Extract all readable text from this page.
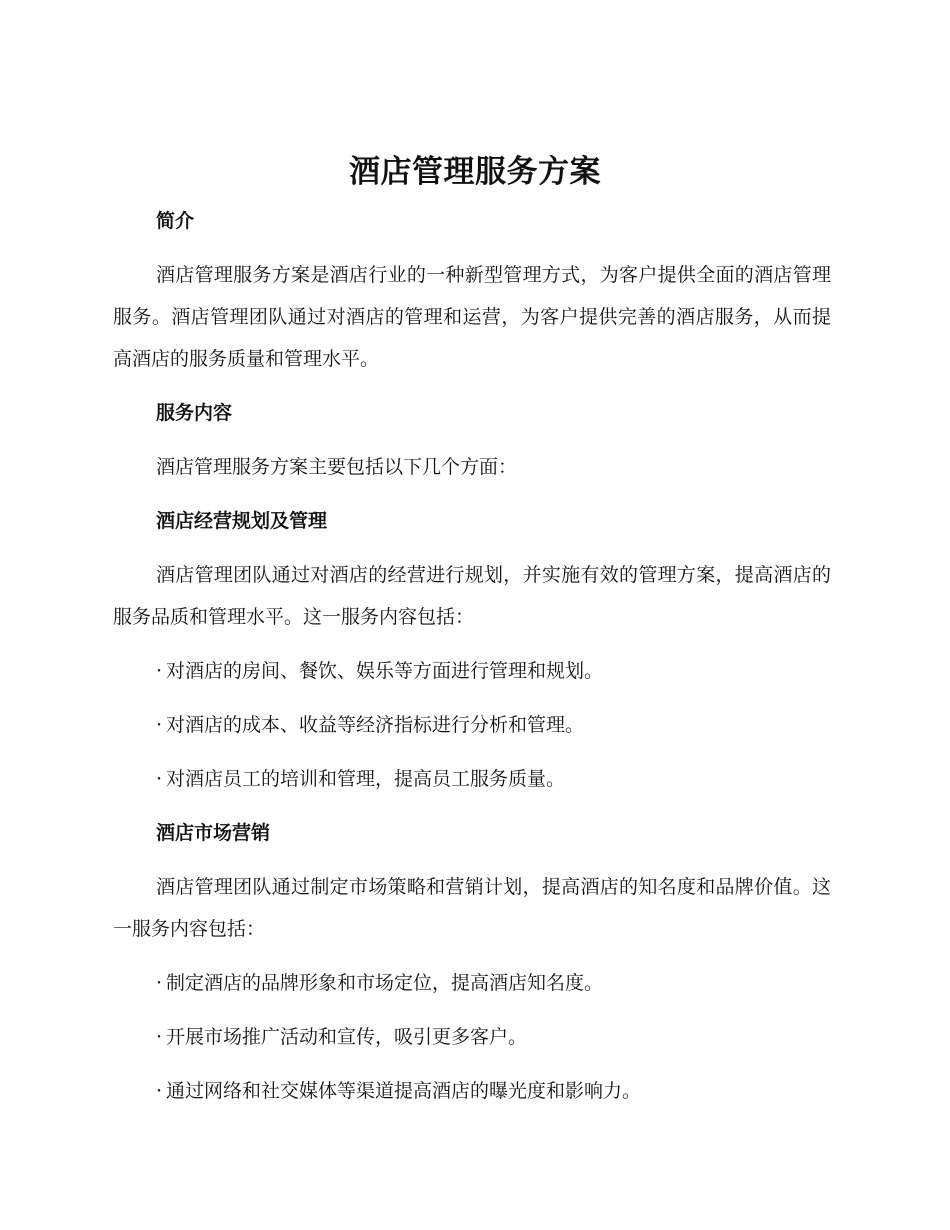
酒店管理服务方案
简介
酒店管理服务方案是酒店行业的一种新型管理方式，为客户提供全面的酒店管理服务。酒店管理团队通过对酒店的管理和运营，为客户提供完善的酒店服务，从而提高酒店的服务质量和管理水平。
服务内容
酒店管理服务方案主要包括以下几个方面：
酒店经营规划及管理
酒店管理团队通过对酒店的经营进行规划，并实施有效的管理方案，提高酒店的服务品质和管理水平。这一服务内容包括：
· 对酒店的房间、餐饮、娱乐等方面进行管理和规划。
· 对酒店的成本、收益等经济指标进行分析和管理。
· 对酒店员工的培训和管理，提高员工服务质量。
酒店市场营销
酒店管理团队通过制定市场策略和营销计划，提高酒店的知名度和品牌价值。这一服务内容包括：
· 制定酒店的品牌形象和市场定位，提高酒店知名度。
· 开展市场推广活动和宣传，吸引更多客户。
· 通过网络和社交媒体等渠道提高酒店的曝光度和影响力。
